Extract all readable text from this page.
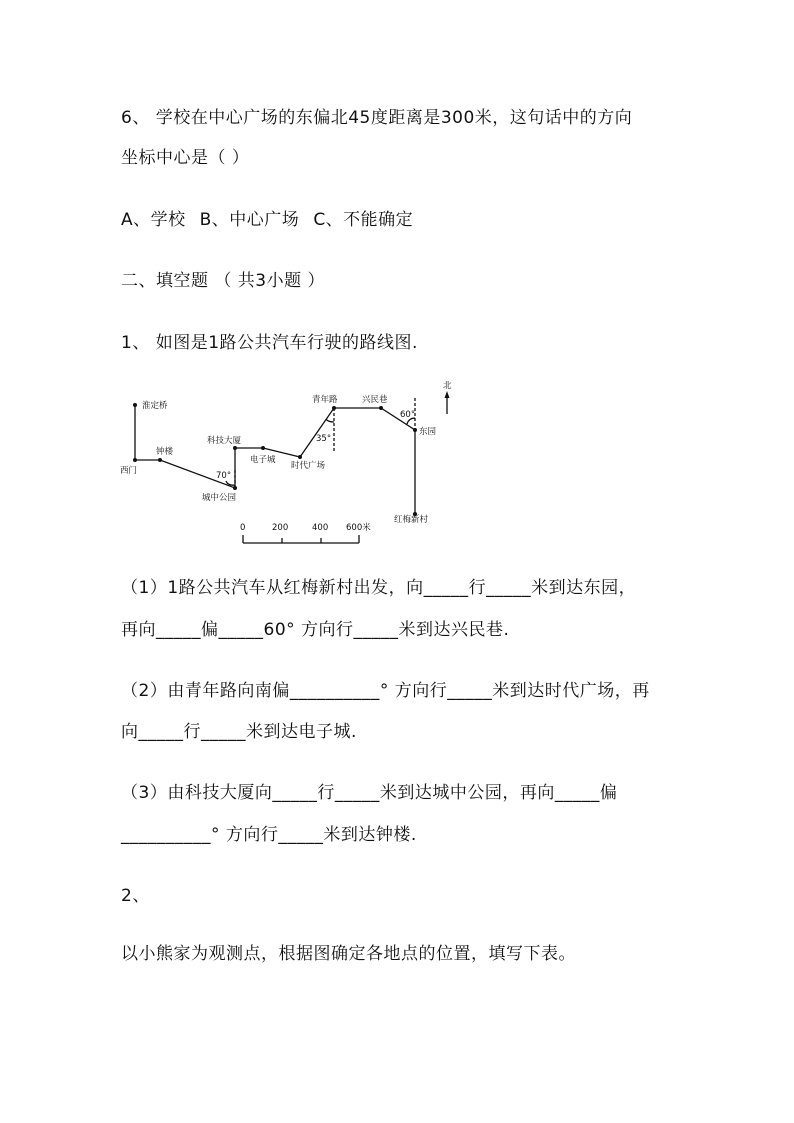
6、 学校在中心广场的东偏北45度距离是300米，这句话中的方向
坐标中心是（ ）
A、学校 B、中心广场 C、不能确定
二、填空题 （ 共3小题 ）
1、 如图是1路公共汽车行驶的路线图.
淮定桥
西门
钟楼
城中公园
科技大厦
电子城
时代广场
青年路	兴民巷
东园
红梅新村
北
70°
35°
60°
0	200	400 600米
（1）1路公共汽车从红梅新村出发，向_____行_____米到达东园，
再向_____偏_____60° 方向行_____米到达兴民巷.
（2）由青年路向南偏__________° 方向行_____米到达时代广场，再
向_____行_____米到达电子城.
（3）由科技大厦向_____行_____米到达城中公园，再向_____偏
__________° 方向行_____米到达钟楼.
2、
以小熊家为观测点，根据图确定各地点的位置，填写下表。
